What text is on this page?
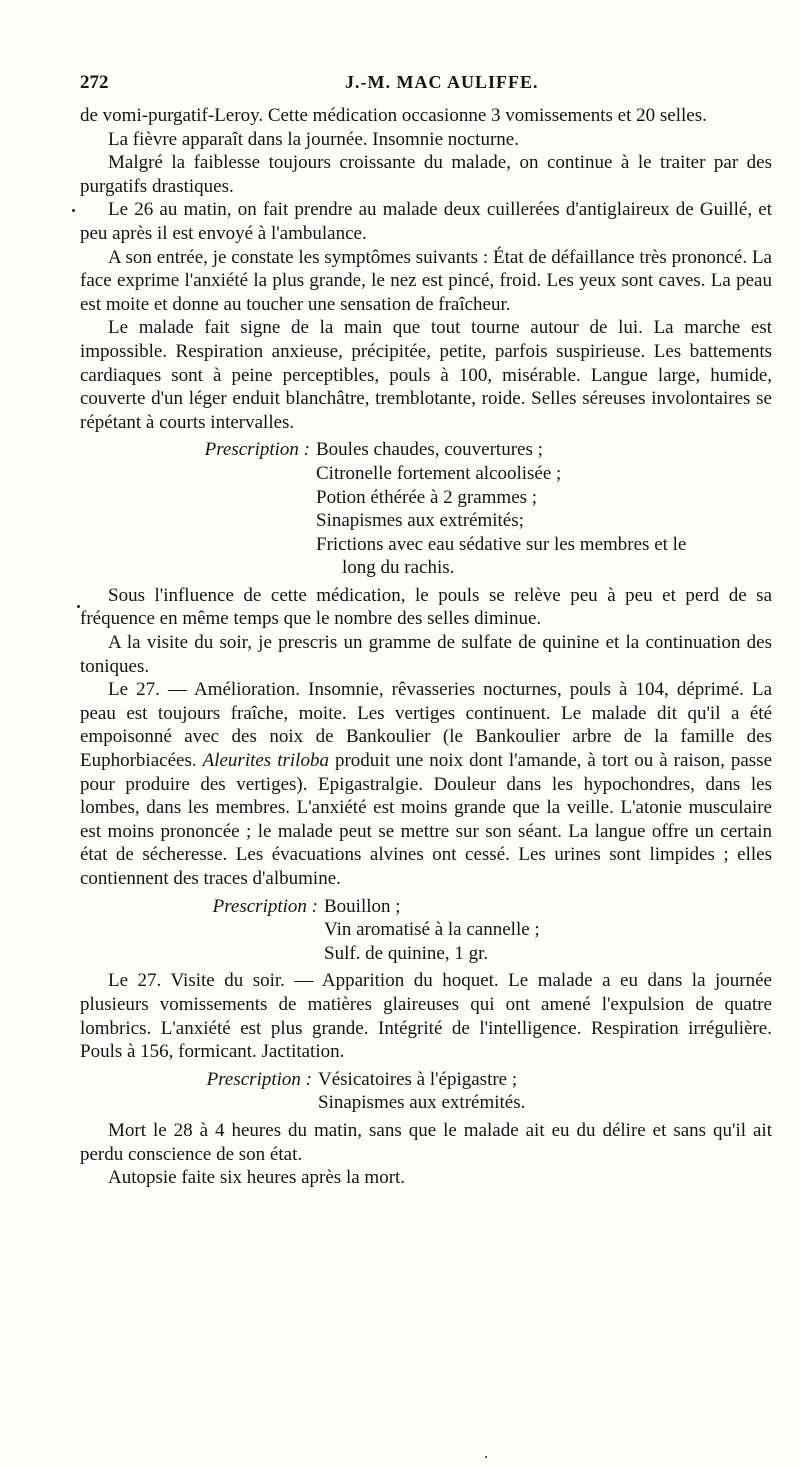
272	J.-M. MAC AULIFFE.

de vomi-purgatif-Leroy. Cette médication occasionne 3 vomissements et 20 selles.

La fièvre apparaît dans la journée. Insomnie nocturne.

Malgré la faiblesse toujours croissante du malade, on continue à le traiter par des purgatifs drastiques.

Le 26 au matin, on fait prendre au malade deux cuillerées d'antiglaireux de Guillé, et peu après il est envoyé à l'ambulance.

A son entrée, je constate les symptômes suivants : État de défaillance très prononcé. La face exprime l'anxiété la plus grande, le nez est pincé, froid. Les yeux sont caves. La peau est moite et donne au toucher une sensation de fraîcheur.

Le malade fait signe de la main que tout tourne autour de lui. La marche est impossible. Respiration anxieuse, précipitée, petite, parfois suspirieuse. Les battements cardiaques sont à peine perceptibles, pouls à 100, misérable. Langue large, humide, couverte d'un léger enduit blanchâtre, tremblotante, roide. Selles séreuses involontaires se répétant à courts intervalles.

Prescription : Boules chaudes, couvertures ;
Citronelle fortement alcoolisée ;
Potion éthérée à 2 grammes ;
Sinapismes aux extrémités;
Frictions avec eau sédative sur les membres et le
long du rachis.

Sous l'influence de cette médication, le pouls se relève peu à peu et perd de sa fréquence en même temps que le nombre des selles diminue.

A la visite du soir, je prescris un gramme de sulfate de quinine et la continuation des toniques.

Le 27. — Amélioration. Insomnie, rêvasseries nocturnes, pouls à 104, déprimé. La peau est toujours fraîche, moite. Les vertiges continuent. Le malade dit qu'il a été empoisonné avec des noix de Bankoulier (le Bankoulier arbre de la famille des Euphorbiacées. Aleurites triloba produit une noix dont l'amande, à tort ou à raison, passe pour produire des vertiges). Epigastralgie. Douleur dans les hypochondres, dans les lombes, dans les membres. L'anxiété est moins grande que la veille. L'atonie musculaire est moins prononcée ; le malade peut se mettre sur son séant. La langue offre un certain état de sécheresse. Les évacuations alvines ont cessé. Les urines sont limpides ; elles contiennent des traces d'albumine.

Prescription : Bouillon ;
Vin aromatisé à la cannelle ;
Sulf. de quinine, 1 gr.

Le 27. Visite du soir. — Apparition du hoquet. Le malade a eu dans la journée plusieurs vomissements de matières glaireuses qui ont amené l'expulsion de quatre lombrics. L'anxiété est plus grande. Intégrité de l'intelligence. Respiration irrégulière. Pouls à 156, formicant. Jactitation.

Prescription : Vésicatoires à l'épigastre ;
Sinapismes aux extrémités.

Mort le 28 à 4 heures du matin, sans que le malade ait eu du délire et sans qu'il ait perdu conscience de son état.

Autopsie faite six heures après la mort.
